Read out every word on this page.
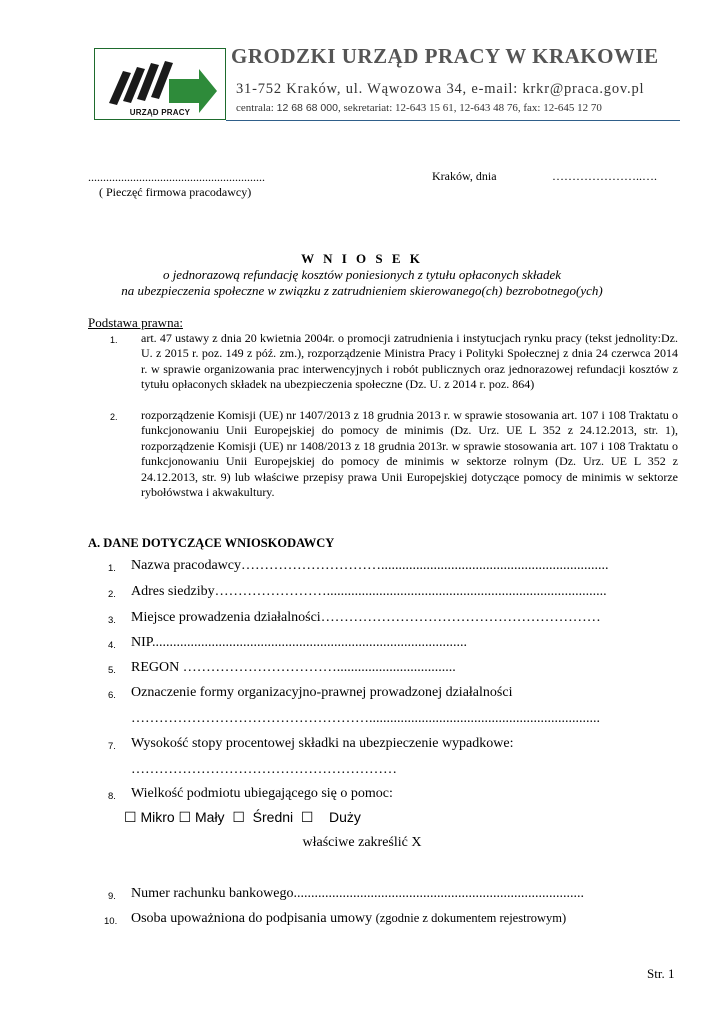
URZĄD PRACY
GRODZKI URZĄD PRACY W KRAKOWIE
31-752 Kraków, ul. Wąwozowa 34, e-mail: krkr@praca.gov.pl
centrala: 12 68 68 000, sekretariat: 12-643 15 61, 12-643 48 76, fax: 12-645 12 70
...........................................................
( Pieczęć firmowa pracodawcy)
Kraków, dnia	…………………..….
W N I O S E K
o jednorazową refundację kosztów poniesionych z tytułu opłaconych składek
na ubezpieczenia społeczne w związku z zatrudnieniem skierowanego(ch) bezrobotnego(ych)
Podstawa prawna:
1. art. 47 ustawy z dnia 20 kwietnia 2004r. o promocji zatrudnienia i instytucjach rynku pracy (tekst jednolity:Dz. U. z 2015 r. poz. 149 z póź. zm.), rozporządzenie Ministra Pracy i Polityki Społecznej z dnia 24 czerwca 2014 r. w sprawie organizowania prac interwencyjnych i robót publicznych oraz jednorazowej refundacji kosztów z tytułu opłaconych składek na ubezpieczenia społeczne (Dz. U. z 2014 r. poz. 864)
2. rozporządzenie Komisji (UE) nr 1407/2013 z 18 grudnia 2013 r. w sprawie stosowania art. 107 i 108 Traktatu o funkcjonowaniu Unii Europejskiej do pomocy de minimis (Dz. Urz. UE L 352 z 24.12.2013, str. 1), rozporządzenie Komisji (UE) nr 1408/2013 z 18 grudnia 2013r. w sprawie stosowania art. 107 i 108 Traktatu o funkcjonowaniu Unii Europejskiej do pomocy de minimis w sektorze rolnym (Dz. Urz. UE L 352 z 24.12.2013, str. 9) lub właściwe przepisy prawa Unii Europejskiej dotyczące pomocy de minimis w sektorze rybołówstwa i akwakultury.
A. DANE DOTYCZĄCE WNIOSKODAWCY
1. Nazwa pracodawcy………………………….................................................................
2. Adres siedziby……………………................................................................................
3. Miejsce prowadzenia działalności……………………………………………………
4. NIP..........................................................................................
5. REGON ……………………………..................................
6. Oznaczenie formy organizacyjno-prawnej prowadzonej działalności
……………………………………………..................................................................
7. Wysokość stopy procentowej składki na ubezpieczenie wypadkowe:
…………………………………………………
8. Wielkość podmiotu ubiegającego się o pomoc:
☐ Mikro ☐ Mały  ☐  Średni  ☐    Duży
właściwe zakreślić X
9. Numer rachunku bankowego...................................................................................
10. Osoba upoważniona do podpisania umowy (zgodnie z dokumentem rejestrowym)
Str. 1
